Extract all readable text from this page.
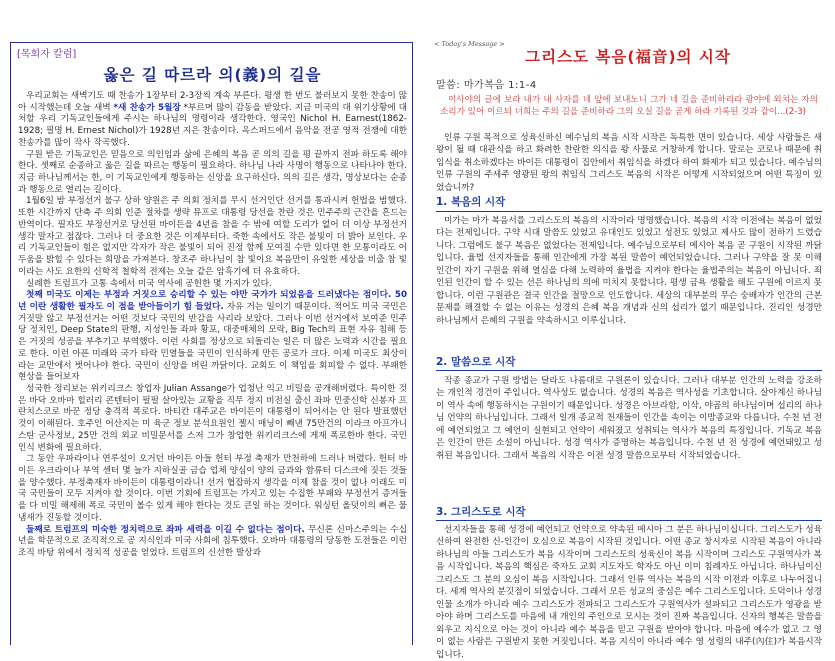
[목회자 칼럼]
옳은 길 따르라 의(義)의 길을

우리교회는 새벽기도 때 찬송가 1장부터 2-3장씩 계속 부른다. 평생 한 번도 불러보지 못한 찬송이 많아 시작했는데 오늘 새벽 *새 찬송가 5월장 *부르며 많이 감동을 받았다. 지금 미국의 대 위기상황에 대처할 우리 기독교인들에게 주시는 하나님의 명령이라 생각한다. 영국인 Nichol H. Earnest(1862-1928; 필명 H. Ernest Nichol)가 1928년 지은 찬송이다. 옥스퍼드에서 음악을 전공 영적 전쟁에 대한 찬송가를 많이 작사 작곡했다.

구원 받은 기독교인은 믿음으로 의인임과 삶에 은혜의 복음 곧 의의 길을 평 끝까지 전파 하도록 해야 한다. 셋째로 순종하고 옳은 길을 따르는 행동이 필요하다. 하나님 나라 사명이 행동으로 나타나야 한다. 지금 하나님께서는 한, 이 기독교인에게 행동하는 신앙을 요구하신다. 의의 길은 생각, 명상보다는 순종과 행동으로 열리는 길이다.

1월6일 밤 부정선거 불구 상하 양원은 주 의회 정치를 무시 선거인단 선거를 통과시켜 헌법을 범했다. 또한 시간까지 단축 주 의회 인준 절차를 생략 뮤프로 대통령 당선을 찬란 것은 민주주의 근간을 흔드는 반역이다. 필자도 부정선거로 당선된 바이든을 4년을 참을 수 밖에 여할 도리가 없어 더 이상 부정선거 생각 말자고 점잖다. 그러나 더 중요한 것은 이제부터다. 죽한 속에서도 작은 불빛이 더 밝아 보인다. 우리 기독교인들이 힘은 없지만 각자가 작은 불빛이 되어 진정 함께 모여질 수만 있다면 한 모통이라도 어두움을 밝힐 수 있다는 희망을 가져본다. 창조주 하나님이 참 빛이요 복음만이 유일한 세상을 비출 참 빛이라는 사도 요한의 신학적 철학적 전제는 오늘 같은 암흑기에 더 유효하다.

실례한 트럼프가 고통 속에서 미국 역사에 공헌한 몇 가지가 있다.

첫째 미국도 이제는 부정과 거짓으로 승리할 수 있는 야만 국가가 되었음을 드러냈다는 점이다. 50년 이란 생활한 필자도 이 점을 받아들이기 힘 들었다. 자유 거는 일이기 때문이다. 적어도 미국 국민은 거짓말 않고 부정선거는 어떤 것보다 국민의 반감을 사리라 보았다. 그러나 이번 선거에서 보여준 민주당 정치인, Deep State의 판행, 지성인들 좌파 황포, 대중매체의 모락, Big Tech의 표현 자유 침해 등은 거짓의 성공을 부추기고 부역했다. 이런 사회를 정상으로 되돌리는 일은 더 많은 노력과 시간을 필요로 한다. 이런 아픈 미래와 국가 타락 민열들을 국민이 인식하게 만든 공로가 크다. 이제 미국도 최상이라는 교만에서 벗어나야 한다. 국민이 신앙을 버린 까닭이다. 교회도 이 책임을 회피할 수 없다. 부패한 현상을 들어보자

성국한 정리보는 위키리크스 창업자 Julian Assange가 업청난 익고 비밀을 공개해버렸다. 특이한 것은 바닥 오바마 힐러리 콘텐터이 펄펄 살아있는 교황을 직무 정지 비전실 출신 좌파 민중신학 신봉자 프란치스코로 바꾼 정당 충격적 폭로다. 바티칸 대주교은 바이든이 대통령이 되어서는 안 된다 발표했던 것이 이해된다. 호주인 어산지는 미 육군 정보 분석요원인 젤시 매닝이 빼낸 75만건의 이라크 아프가니스탄 군사정보, 25만 건의 외교 비밀문서를 스저 그가 창업한 위키리크스에 게재 폭로한바 한다. 국민 인식 변화에 필요하다.

그 동안 우파라이나 연루설이 오거던 바이든 아들 헌터 부정 축재가 만천하에 드러나 버렸다. 헌터 바이든 우크라이나 부역 센터 몇 늘가 지하실골 금습 업체 양심이 양의 금과와 함류터 디스크에 짓든 것들을 양수했다. 부정축재자 바이든이 대통령이라니! 선거 협잡하지 생각을 이제 참을 것이 없나 이래도 미국 국민들이 모두 지켜야 할 것이다. 이번 기회에 트럼프는 가지고 있는 수집한 부패와 부정선거 증거들을 다 비밀 해제해 폭로 국민이 볼수 있게 해야 한다는 것도 큰일 하는 것이다. 워싱턴 올덧이의 뻐은 물 냄새가 진동할 것이다.

둘째로 트럼프의 미숙한 정치력으로 좌파 세력을 이길 수 없다는 점이다. 무신론 신마스주의는 수십 년을 학문적으로 조직적으로 공 지식인과 미국 사회에 침투했다. 오바마 대통령의 당동한 도전들은 이런 조직 바탕 위에서 정치적 성공을 얻었다. 트럼프의 신선한 발상과

< Today's Message >
그리스도 복음(福音)의 시작
말씀: 마가복음 1:1-4

이사야의 글에 보라 내가 내 사자를 네 앞에 보내노니 그가 네 길을 준비하리라 광야에 외치는 자의 소리가 있어 이르되 너희는 주의 길을 준비하라 그의 오실 길을 곧게 하라 기록된 것과 같이...(2-3)

인류 구원 목적으로 성육신하신 예수님의 복음 시작 시작은 독특한 면이 있습니다. 세상 사람들은 새 왕이 될 때 대관식을 하고 화려한 찬란한 의식을 왕 사물로 거창하게 합니다. 말로는 코로나 때문에 취임식을 취소하겠다는 바이든 대통령이 집안에서 취임식을 하겠다 하여 화제가 되고 있습니다. 예수님의 인류 구원의 주세주 영광된 왕의 취임식 그리스도 복음의 시작은 어떻게 시작되었으며 어떤 특징이 있었습니까?

1. 복음의 시작

미가는 마가 복음서를 그리스도의 복음의 시작이라 명명했습니다. 복음의 시작 이전에는 복음이 없었다는 전제입니다. 구약 시대 말씀도 있었고 유대인도 있었고 성전도 있었고 제사도 많이 전하기 드렸습니다. 그럼에도 불구 복음은 없었다는 전제입니다. 예수님으로부터 메시아 복음 곧 구원이 시작된 까닭입니다. 율법 선지자들을 통해 인간에게 가장 복된 말씀이 예언되었습니다. 그러나 구약을 잘 못 이해 인간이 자기 구원을 위해 열심을 다해 노력하여 율법을 지켜야 한다는 율법주의는 복음이 아닙니다. 죄인된 인간이 할 수 있는 선은 하나님의 의에 미치지 못합니다. 평생 금욕 생활을 해도 구원에 이르지 못합니다. 이런 구원관은 결국 인간을 절망으로 인도합니다. 세상의 대부분의 무슨 숭배자가 인간의 근본 문제를 해결할 수 없는 이유는 성경의 은혜 복음 개념과 신의 섭리가 없기 때문입니다. 진리인 성경만 하나님께서 은혜의 구원을 약속하시고 이루십니다.

2. 말씀으로 시작

작종 종교가 구원 방법는 달라도 나름대로 구원론이 있습니다. 그러나 대부분 인간의 노력을 강조하는 개인적 경건이 주입니다. 역사성도 없습니다. 성경의 복음은 역사성을 기초합니다. 살아계신 하나님이 역사 속에 행동하시는 구원이기 때문입니다. 성경은 아브라함, 이삭, 야곱의 하나님이며 섭리의 하나님 언약의 하나님입니다. 그래서 일개 종교적 천재들이 인간을 속이는 이방종교와 다릅니다. 수천 년 전에 예언되었고 그 예언이 실현되고 언약이 세워졌고 성취되는 역사가 복음의 특징입니다. 기독교 복음은 인간이 만든 소설이 아닙니다. 성경 역사가 증명하는 복음입니다. 수천 년 전 성경에 예언돼있고 성취된 복음입니다. 그래서 복음의 시작은 이전 성경 말씀으로부터 시작되었습니다.

3. 그리스도로 시작

선지자들을 통해 성경에 예언되고 언약으로 약속된 메시아 그 분은 하나님이십니다. 그리스도가 성육신하여 완전한 신-인간이 오심으로 복음이 시작된 것입니다. 어떤 종교 창시자로 시작된 복음이 아니라 하나님의 아들 그리스도가 복음 시작이며 그리스도의 성육신이 복음 시작이며 그리스도 구원역사가 복음 시작입니다. 복음의 핵심은 죽자도 교회 지도자도 학자도 아닌 이미 침례자도 아닙니다. 하나님이신 그리스도 그 분의 오심이 복음 시작입니다. 그래서 인류 역사는 복음의 시작 이전과 이후로 나누어집니다. 세계 역사의 분깃점이 되었습니다. 그래서 모든 성교의 중심은 예수 그리스도입니다. 도덕이나 성경 인물 소개가 아니라 예수 그리스도가 전파되고 그리스도가 구원역사가 설파되고 그리스도가 영광을 받아야 하며 그리스도를 마음에 내 개인의 주인으로 모시는 것이 진짜 복음입니다. 신자의 행복은 말씀을 외우고 지식으로 아는 것이 아니라 예수 복음을 믿고 구원을 받아야 합니다. 마음에 예수가 없고 그 영이 없는 사람은 구원받지 못한 거짓입니다. 복음 지식이 아니라 예수 영 성령의 내주(內住)가 복음시작입니다.
